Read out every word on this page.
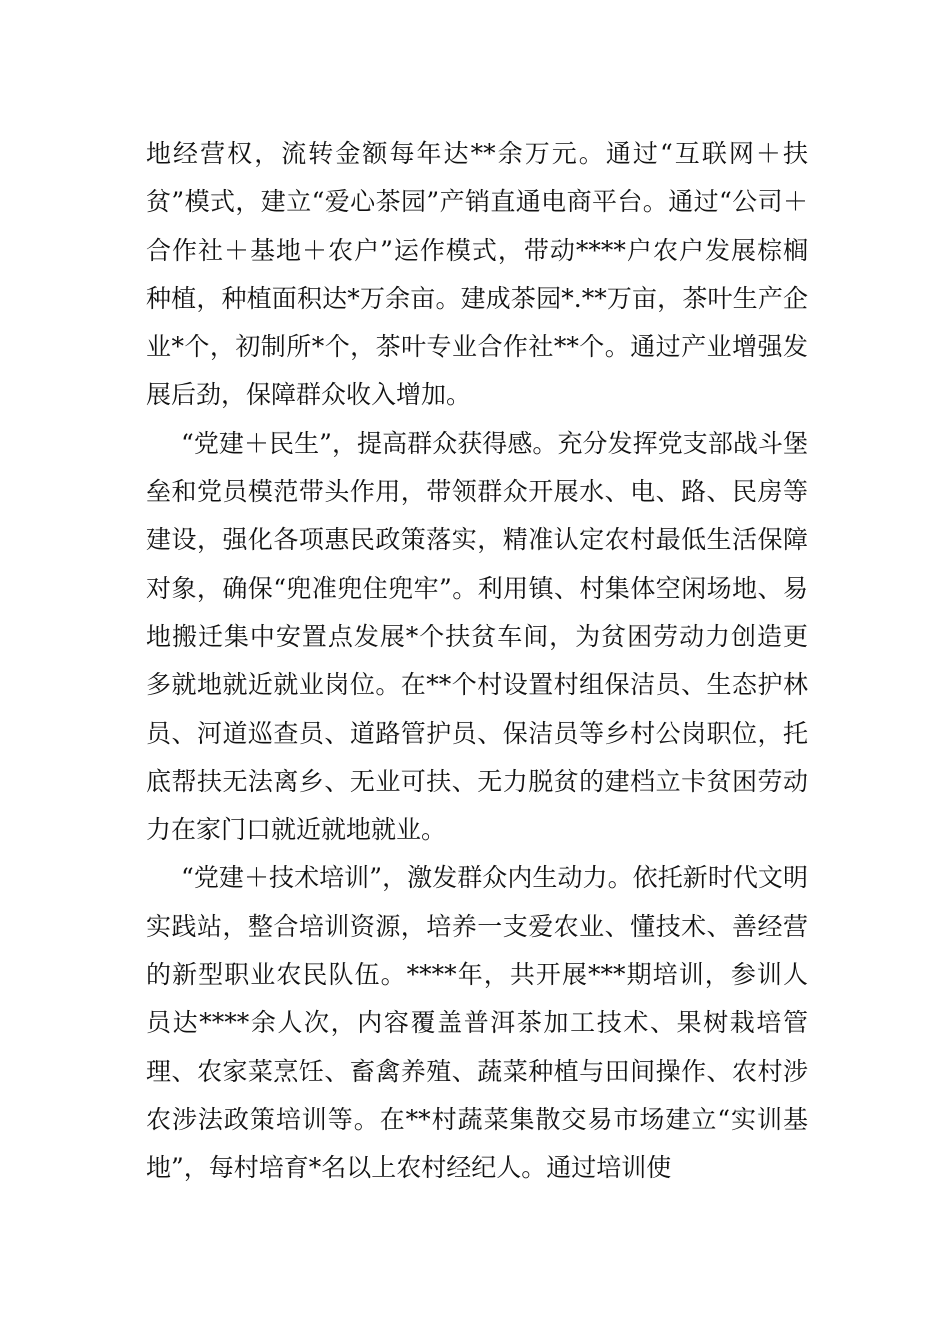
地经营权，流转金额每年达**余万元。通过“互联网＋扶贫”模式，建立“爱心茶园”产销直通电商平台。通过“公司＋合作社＋基地＋农户”运作模式，带动****户农户发展棕榈种植，种植面积达*万余亩。建成茶园*.**万亩，茶叶生产企业*个，初制所*个，茶叶专业合作社**个。通过产业增强发展后劲，保障群众收入增加。

“党建＋民生”，提高群众获得感。充分发挥党支部战斗堡垒和党员模范带头作用，带领群众开展水、电、路、民房等建设，强化各项惠民政策落实，精准认定农村最低生活保障对象，确保“兜准兜住兜牢”。利用镇、村集体空闲场地、易地搬迁集中安置点发展*个扶贫车间，为贫困劳动力创造更多就地就近就业岗位。在**个村设置村组保洁员、生态护林员、河道巡查员、道路管护员、保洁员等乡村公岗职位，托底帮扶无法离乡、无业可扶、无力脱贫的建档立卡贫困劳动力在家门口就近就地就业。

“党建＋技术培训”，激发群众内生动力。依托新时代文明实践站，整合培训资源，培养一支爱农业、懂技术、善经营的新型职业农民队伍。****年，共开展***期培训，参训人员达****余人次，内容覆盖普洱茶加工技术、果树栽培管理、农家菜烹饪、畜禽养殖、蔬菜种植与田间操作、农村涉农涉法政策培训等。在**村蔬菜集散交易市场建立“实训基地”，每村培育*名以上农村经纪人。通过培训使
